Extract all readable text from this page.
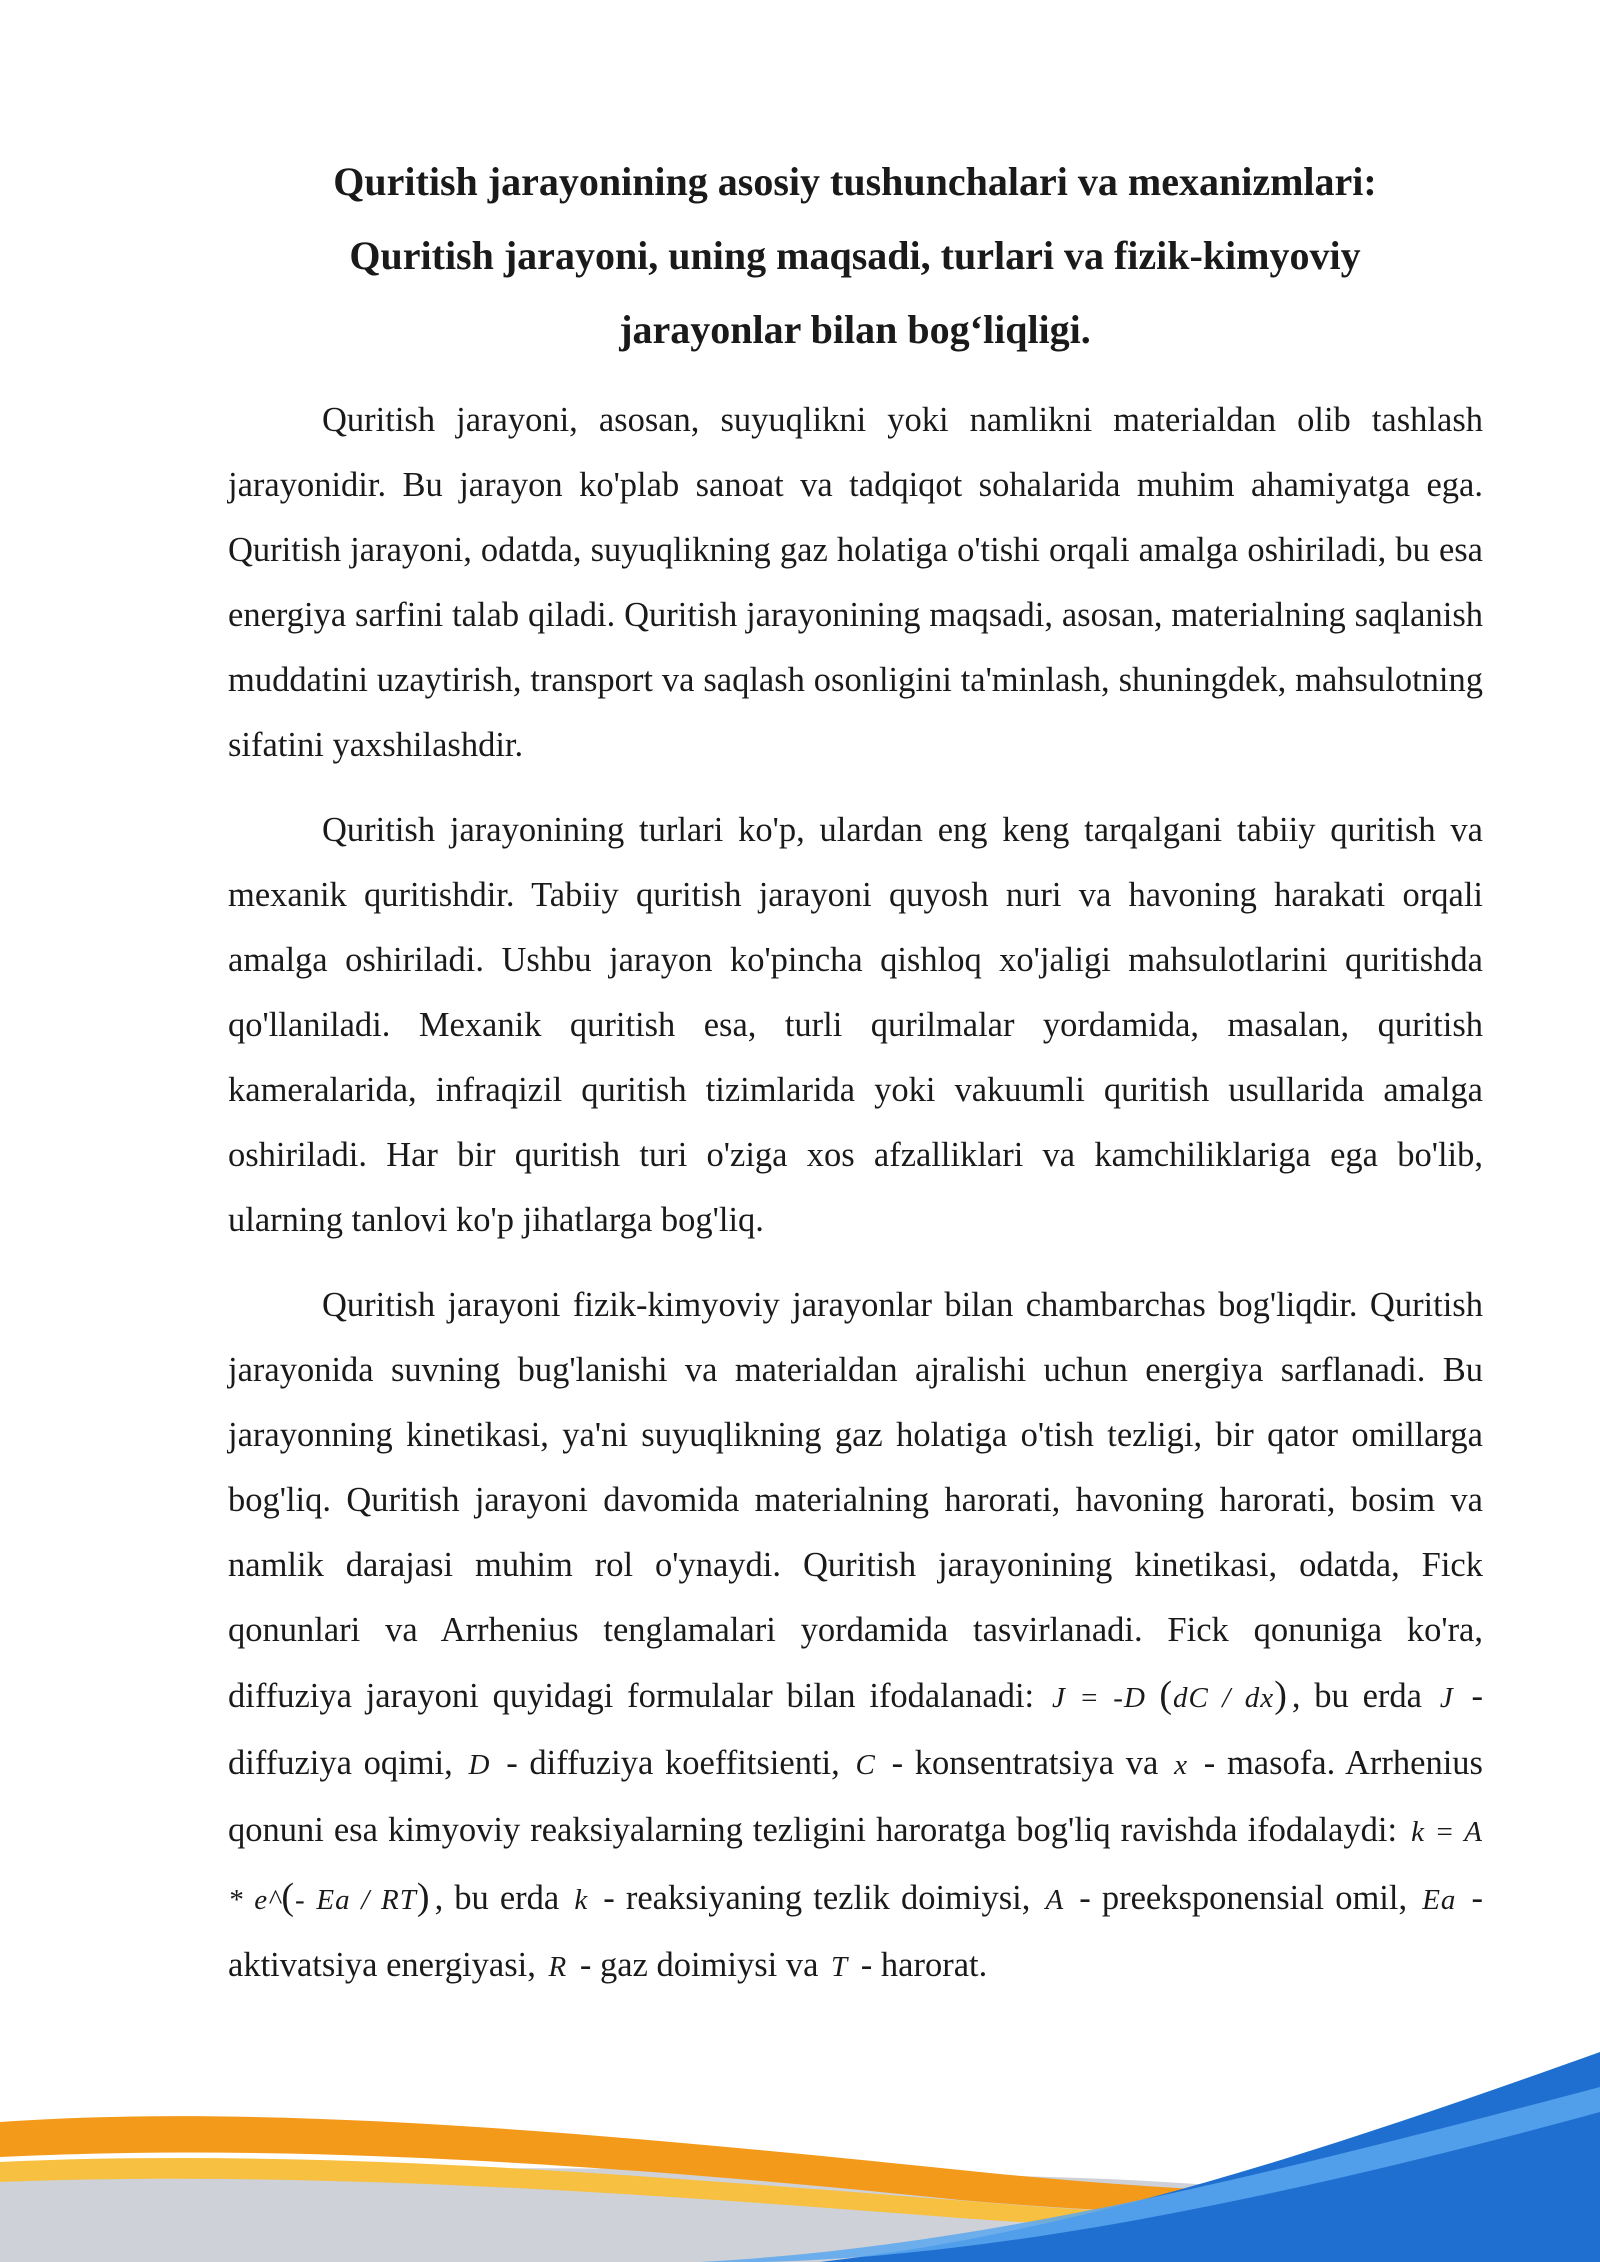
Quritish jarayonining asosiy tushunchalari va mexanizmlari:
Quritish jarayoni, uning maqsadi, turlari va fizik-kimyoviy
jarayonlar bilan bog‘liqligi.

Quritish jarayoni, asosan, suyuqlikni yoki namlikni materialdan olib tashlash jarayonidir. Bu jarayon ko'plab sanoat va tadqiqot sohalarida muhim ahamiyatga ega. Quritish jarayoni, odatda, suyuqlikning gaz holatiga o'tishi orqali amalga oshiriladi, bu esa energiya sarfini talab qiladi. Quritish jarayonining maqsadi, asosan, materialning saqlanish muddatini uzaytirish, transport va saqlash osonligini ta'minlash, shuningdek, mahsulotning sifatini yaxshilashdir.

Quritish jarayonining turlari ko'p, ulardan eng keng tarqalgani tabiiy quritish va mexanik quritishdir. Tabiiy quritish jarayoni quyosh nuri va havoning harakati orqali amalga oshiriladi. Ushbu jarayon ko'pincha qishloq xo'jaligi mahsulotlarini quritishda qo'llaniladi. Mexanik quritish esa, turli qurilmalar yordamida, masalan, quritish kameralarida, infraqizil quritish tizimlarida yoki vakuumli quritish usullarida amalga oshiriladi. Har bir quritish turi o'ziga xos afzalliklari va kamchiliklariga ega bo'lib, ularning tanlovi ko'p jihatlarga bog'liq.

Quritish jarayoni fizik-kimyoviy jarayonlar bilan chambarchas bog'liqdir. Quritish jarayonida suvning bug'lanishi va materialdan ajralishi uchun energiya sarflanadi. Bu jarayonning kinetikasi, ya'ni suyuqlikning gaz holatiga o'tish tezligi, bir qator omillarga bog'liq. Quritish jarayoni davomida materialning harorati, havoning harorati, bosim va namlik darajasi muhim rol o'ynaydi. Quritish jarayonining kinetikasi, odatda, Fick qonunlari va Arrhenius tenglamalari yordamida tasvirlanadi. Fick qonuniga ko'ra, diffuziya jarayoni quyidagi formulalar bilan ifodalanadi: J = -D (dC / dx) , bu erda J - diffuziya oqimi, D - diffuziya koeffitsienti, C - konsentratsiya va x - masofa. Arrhenius qonuni esa kimyoviy reaksiyalarning tezligini haroratga bog'liq ravishda ifodalaydi: k = A * e^(- Ea / RT) , bu erda k - reaksiyaning tezlik doimiysi, A - preeksponensial omil, Ea - aktivatsiya energiyasi, R - gaz doimiysi va T - harorat.
